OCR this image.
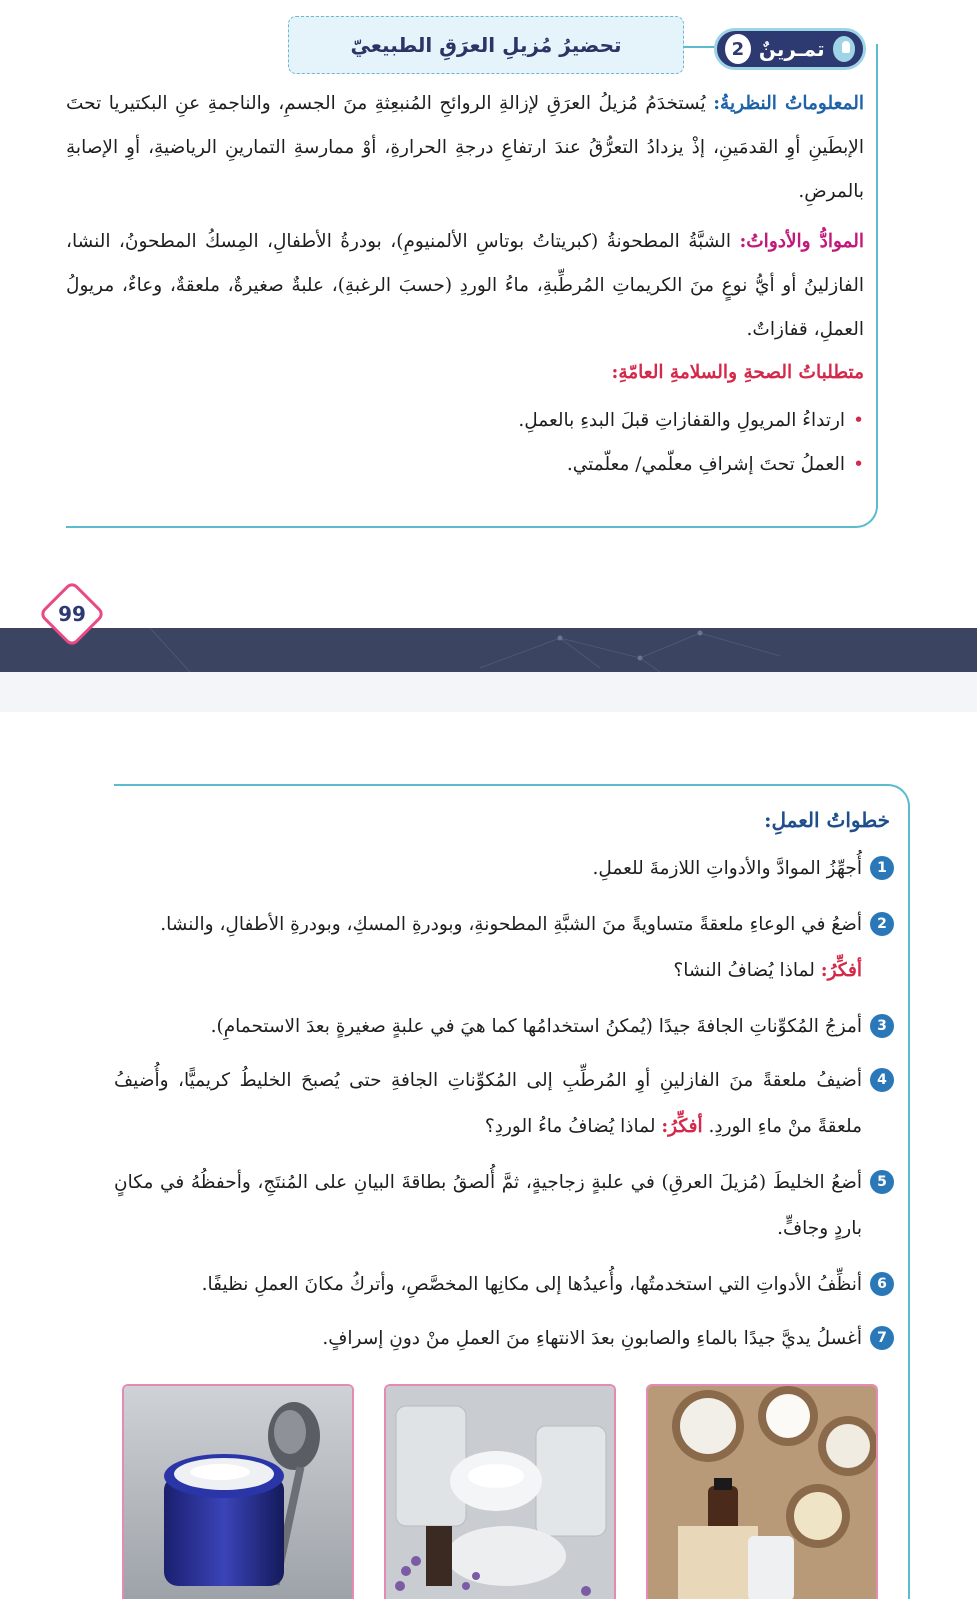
تحضيرُ مُزيلِ العرَقِ الطبيعيّ	تمـرينٌ
2
المعلوماتُ النظريةُ: يُستخدَمُ مُزيلُ العرَقِ لإزالةِ الروائحِ المُنبعِثةِ منَ الجسمِ، والناجمةِ عنِ البكتيريا تحتَ الإبطَينِ أوِ القدمَينِ، إذْ يزدادُ التعرُّقُ عندَ ارتفاعِ درجةِ الحرارةِ، أوْ ممارسةِ التمارينِ الرياضيةِ، أوِ الإصابةِ بالمرضِ.
الموادُّ والأدواتُ: الشبَّةُ المطحونةُ (كبريتاتُ بوتاسِ الألمنيومِ)، بودرةُ الأطفالِ، المِسكُ المطحونُ، النشا، الفازلينُ أو أيُّ نوعٍ منَ الكريماتِ المُرطِّبةِ، ماءُ الوردِ (حسبَ الرغبةِ)، علبةٌ صغيرةٌ، ملعقةٌ، وعاءٌ، مريولُ العملِ، قفازاتٌ.
متطلباتُ الصحةِ والسلامةِ العامّةِ:
• ارتداءُ المريولِ والقفازاتِ قبلَ البدءِ بالعملِ.
• العملُ تحتَ إشرافِ معلّمي/ معلّمتي.
99
خطواتُ العملِ:
1
أُجهِّزُ الموادَّ والأدواتِ اللازمةَ للعملِ.
2
أضعُ في الوعاءِ ملعقةً متساويةً منَ الشبَّةِ المطحونةِ، وبودرةِ المسكِ، وبودرةِ الأطفالِ، والنشا.
أفكِّرُ: لماذا يُضافُ النشا؟
3
أمزجُ المُكوِّناتِ الجافةَ جيدًا (يُمكنُ استخدامُها كما هيَ في علبةٍ صغيرةٍ بعدَ الاستحمامِ).
4
أضيفُ ملعقةً منَ الفازلينِ أوِ المُرطِّبِ إلى المُكوِّناتِ الجافةِ حتى يُصبحَ الخليطُ كريميًّا، وأُضيفُ ملعقةً منْ ماءِ الوردِ. أفكِّرُ: لماذا يُضافُ ماءُ الوردِ؟
5
أضعُ الخليطَ (مُزيلَ العرقِ) في علبةٍ زجاجيةٍ، ثمَّ أُلصقُ بطاقةَ البيانِ على المُنتَجِ، وأحفظُهُ في مكانٍ باردٍ وجافٍّ.
6
أنظِّفُ الأدواتِ التي استخدمتُها، وأُعيدُها إلى مكانِها المخصَّصِ، وأتركُ مكانَ العملِ نظيفًا.
7
أغسلُ يديَّ جيدًا بالماءِ والصابونِ بعدَ الانتهاءِ منَ العملِ منْ دونِ إسرافٍ.
